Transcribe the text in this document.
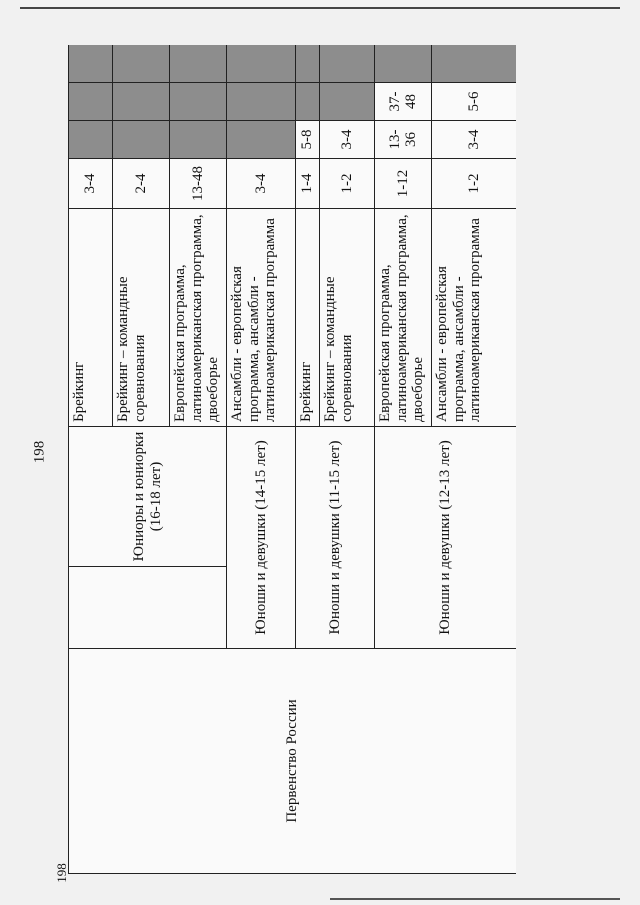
198
198
Первенство России		Юниоры и юниорки (16-18 лет)	Брейкинг	3-4			
			Брейкинг – командные соревнования	2-4			
			Европейская программа, латиноамериканская программа, двоеборье	13-48			
	Юноши и девушки (14-15 лет)		Ансамбли - европейская программа, ансамбли - латиноамериканская программа	3-4			
	Юноши и девушки (11-15 лет)		Брейкинг	1-4	5-8		
			Брейкинг – командные соревнования	1-2	3-4		
	Юноши и девушки (12-13 лет)		Европейская программа, латиноамериканская программа, двоеборье	1-12	13-36	37-48	
			Ансамбли - европейская программа, ансамбли - латиноамериканская программа	1-2	3-4	5-6	
